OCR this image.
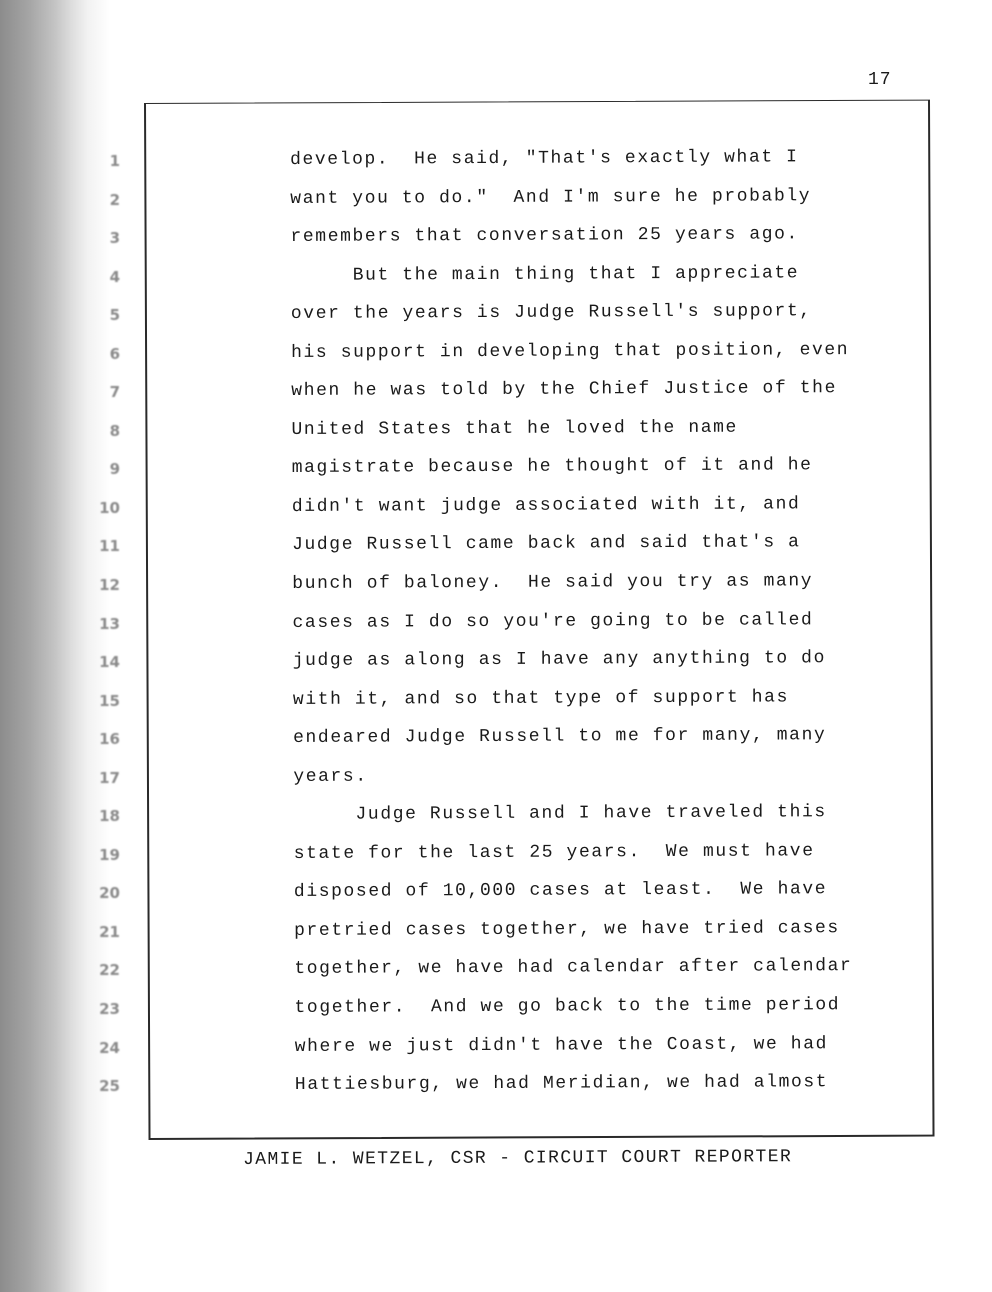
17
1
2
3
4
5
6
7
8
9
10
11
12
13
14
15
16
17
18
19
20
21
22
23
24
25
develop.  He said, "That's exactly what I
want you to do."  And I'm sure he probably
remembers that conversation 25 years ago.
But the main thing that I appreciate
over the years is Judge Russell's support,
his support in developing that position, even
when he was told by the Chief Justice of the
United States that he loved the name
magistrate because he thought of it and he
didn't want judge associated with it, and
Judge Russell came back and said that's a
bunch of baloney.  He said you try as many
cases as I do so you're going to be called
judge as along as I have any anything to do
with it, and so that type of support has
endeared Judge Russell to me for many, many
years.
Judge Russell and I have traveled this
state for the last 25 years.  We must have
disposed of 10,000 cases at least.  We have
pretried cases together, we have tried cases
together, we have had calendar after calendar
together.  And we go back to the time period
where we just didn't have the Coast, we had
Hattiesburg, we had Meridian, we had almost
JAMIE L. WETZEL, CSR - CIRCUIT COURT REPORTER
